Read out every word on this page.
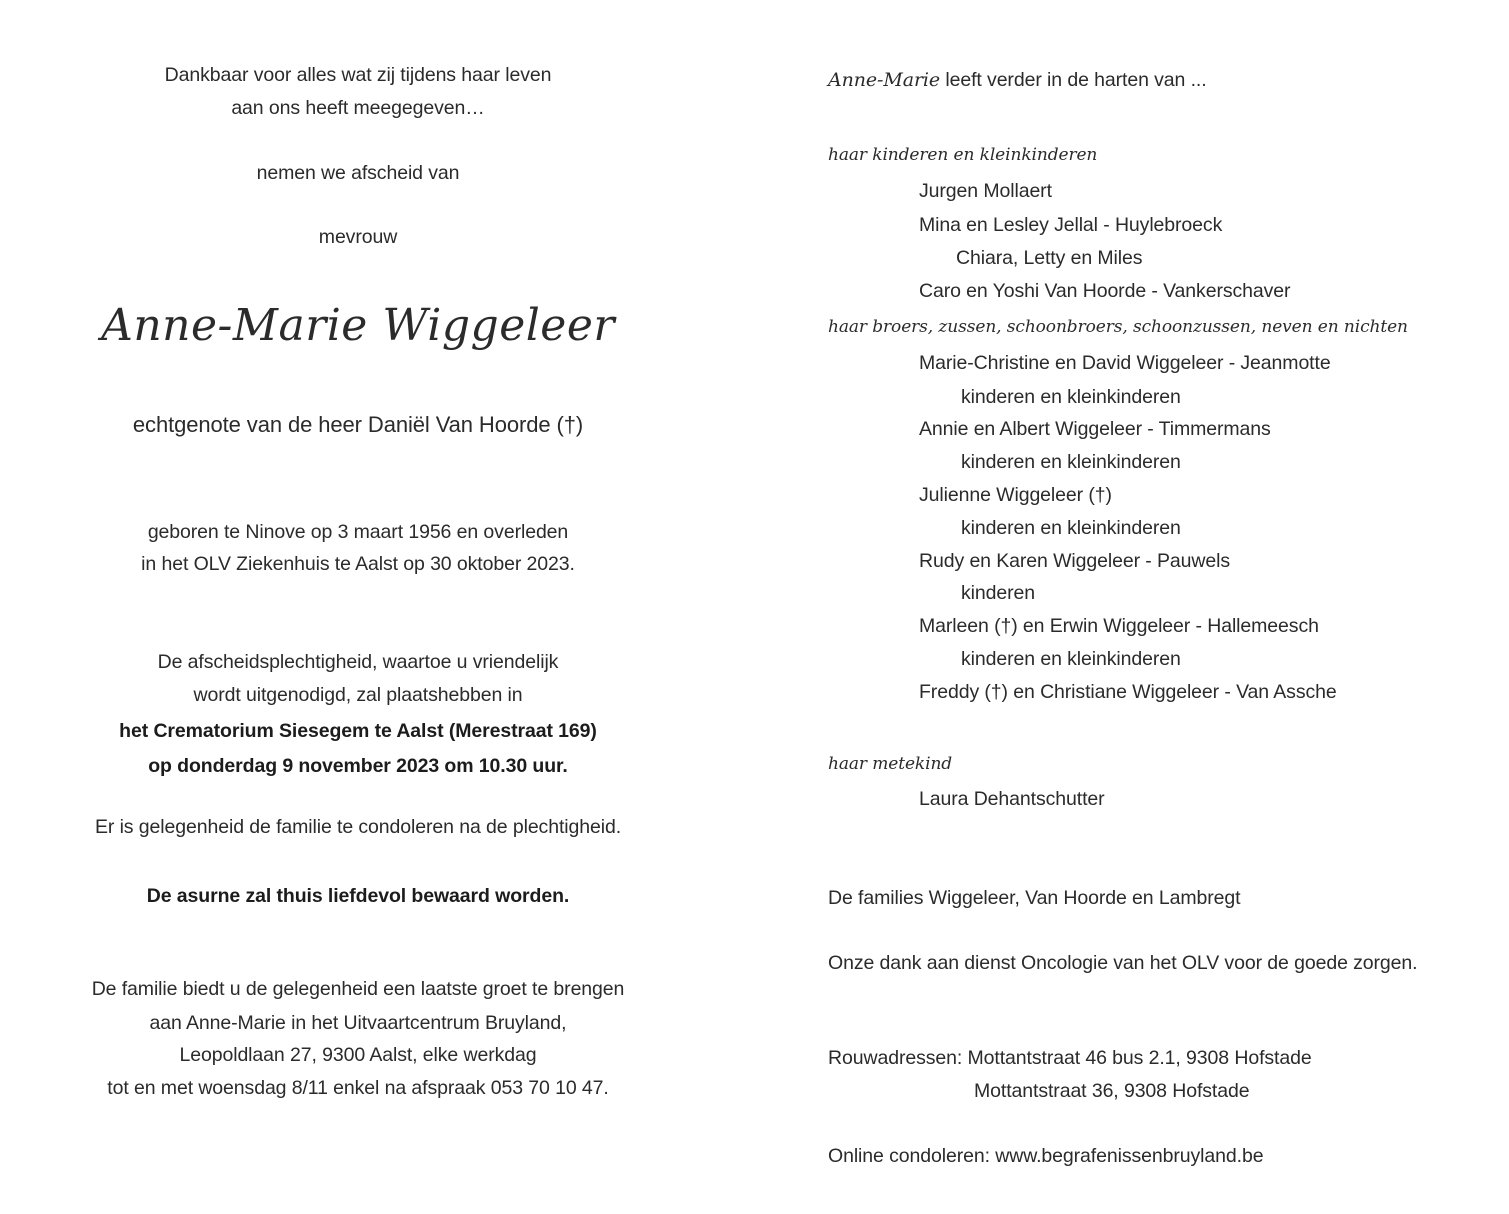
Dankbaar voor alles wat zij tijdens haar leven
aan ons heeft meegegeven…
nemen we afscheid van
mevrouw
Anne-Marie Wiggeleer
echtgenote van de heer Daniël Van Hoorde (†)
geboren te Ninove op 3 maart 1956 en overleden
in het OLV Ziekenhuis te Aalst op 30 oktober 2023.
De afscheidsplechtigheid, waartoe u vriendelijk
wordt uitgenodigd, zal plaatshebben in
het Crematorium Siesegem te Aalst (Merestraat 169)
op donderdag 9 november 2023 om 10.30 uur.
Er is gelegenheid de familie te condoleren na de plechtigheid.
De asurne zal thuis liefdevol bewaard worden.
De familie biedt u de gelegenheid een laatste groet te brengen
aan Anne-Marie in het Uitvaartcentrum Bruyland,
Leopoldlaan 27, 9300 Aalst, elke werkdag
tot en met woensdag 8/11 enkel na afspraak 053 70 10 47.
Anne-Marie leeft verder in de harten van ...
haar kinderen en kleinkinderen
Jurgen Mollaert
Mina en Lesley Jellal - Huylebroeck
Chiara, Letty en Miles
Caro en Yoshi Van Hoorde - Vankerschaver
haar broers, zussen, schoonbroers, schoonzussen, neven en nichten
Marie-Christine en David Wiggeleer - Jeanmotte
kinderen en kleinkinderen
Annie en Albert Wiggeleer - Timmermans
kinderen en kleinkinderen
Julienne Wiggeleer (†)
kinderen en kleinkinderen
Rudy en Karen Wiggeleer - Pauwels
kinderen
Marleen (†) en Erwin Wiggeleer - Hallemeesch
kinderen en kleinkinderen
Freddy (†) en Christiane Wiggeleer - Van Assche
haar metekind
Laura Dehantschutter
De families Wiggeleer, Van Hoorde en Lambregt
Onze dank aan dienst Oncologie van het OLV voor de goede zorgen.
Rouwadressen: Mottantstraat 46 bus 2.1, 9308 Hofstade
Mottantstraat 36, 9308 Hofstade
Online condoleren: www.begrafenissenbruyland.be
